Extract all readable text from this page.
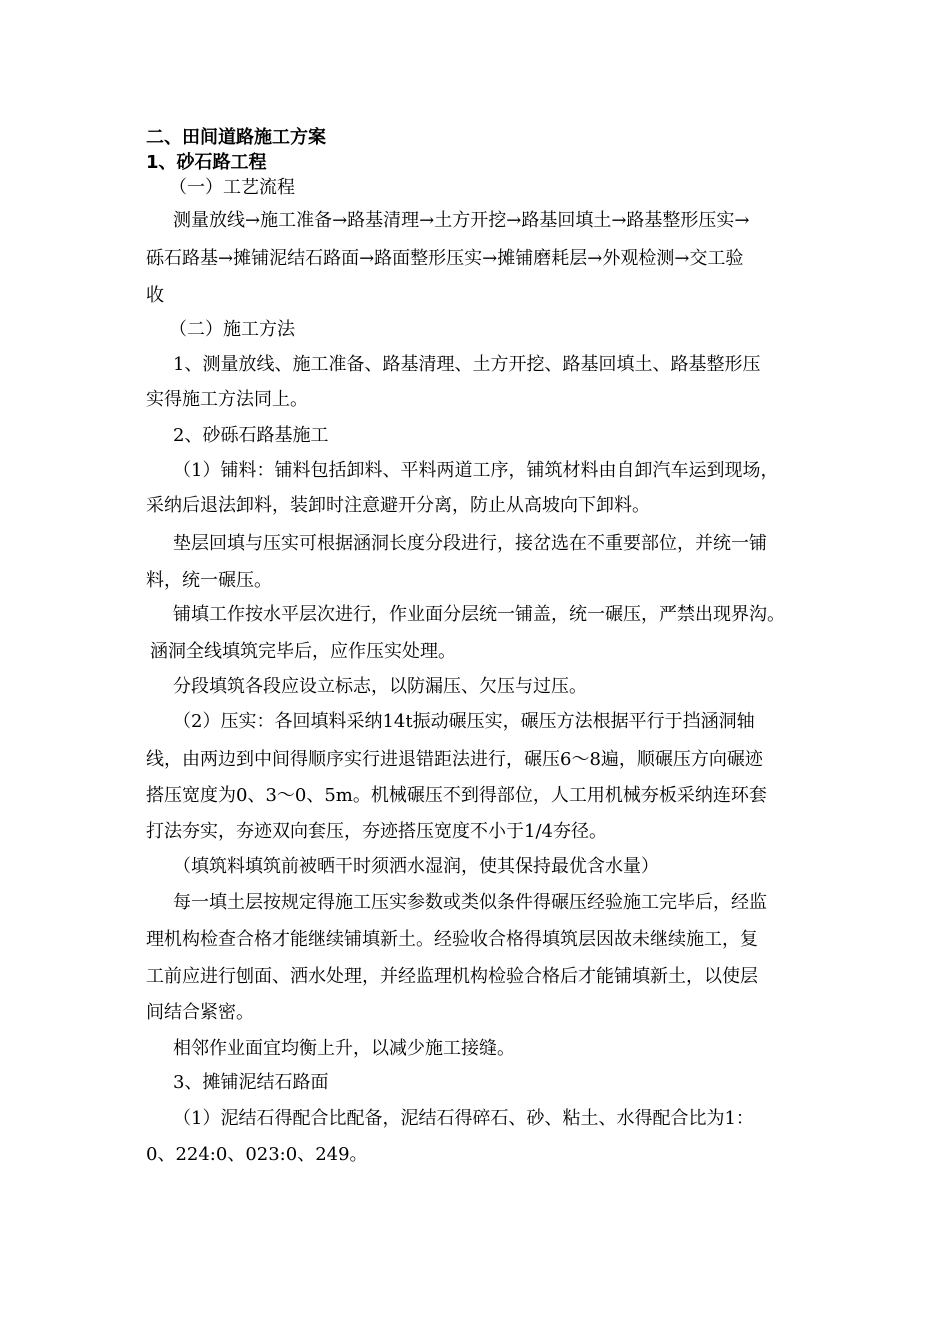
二、田间道路施工方案

1、砂石路工程

（一）工艺流程

测量放线→施工准备→路基清理→土方开挖→路基回填土→路基整形压实→

砾石路基→摊铺泥结石路面→路面整形压实→摊铺磨耗层→外观检测→交工验

收

（二）施工方法

1、测量放线、施工准备、路基清理、土方开挖、路基回填土、路基整形压

实得施工方法同上。

2、砂砾石路基施工

（1）铺料：铺料包括卸料、平料两道工序，铺筑材料由自卸汽车运到现场，

采纳后退法卸料，装卸时注意避开分离，防止从高坡向下卸料。

垫层回填与压实可根据涵洞长度分段进行，接岔选在不重要部位，并统一铺

料，统一碾压。

铺填工作按水平层次进行，作业面分层统一铺盖，统一碾压，严禁出现界沟。

涵洞全线填筑完毕后，应作压实处理。

分段填筑各段应设立标志，以防漏压、欠压与过压。

（2）压实：各回填料采纳14t振动碾压实，碾压方法根据平行于挡涵洞轴

线，由两边到中间得顺序实行进退错距法进行，碾压6～8遍，顺碾压方向碾迹

搭压宽度为0、3～0、5m。机械碾压不到得部位，人工用机械夯板采纳连环套

打法夯实，夯迹双向套压，夯迹搭压宽度不小于1/4夯径。

（填筑料填筑前被晒干时须洒水湿润，使其保持最优含水量）

每一填土层按规定得施工压实参数或类似条件得碾压经验施工完毕后，经监

理机构检查合格才能继续铺填新土。经验收合格得填筑层因故未继续施工，复

工前应进行刨面、洒水处理，并经监理机构检验合格后才能铺填新土，以使层

间结合紧密。

相邻作业面宜均衡上升，以减少施工接缝。

3、摊铺泥结石路面

（1）泥结石得配合比配备，泥结石得碎石、砂、粘土、水得配合比为1：

0、224:0、023:0、249。
